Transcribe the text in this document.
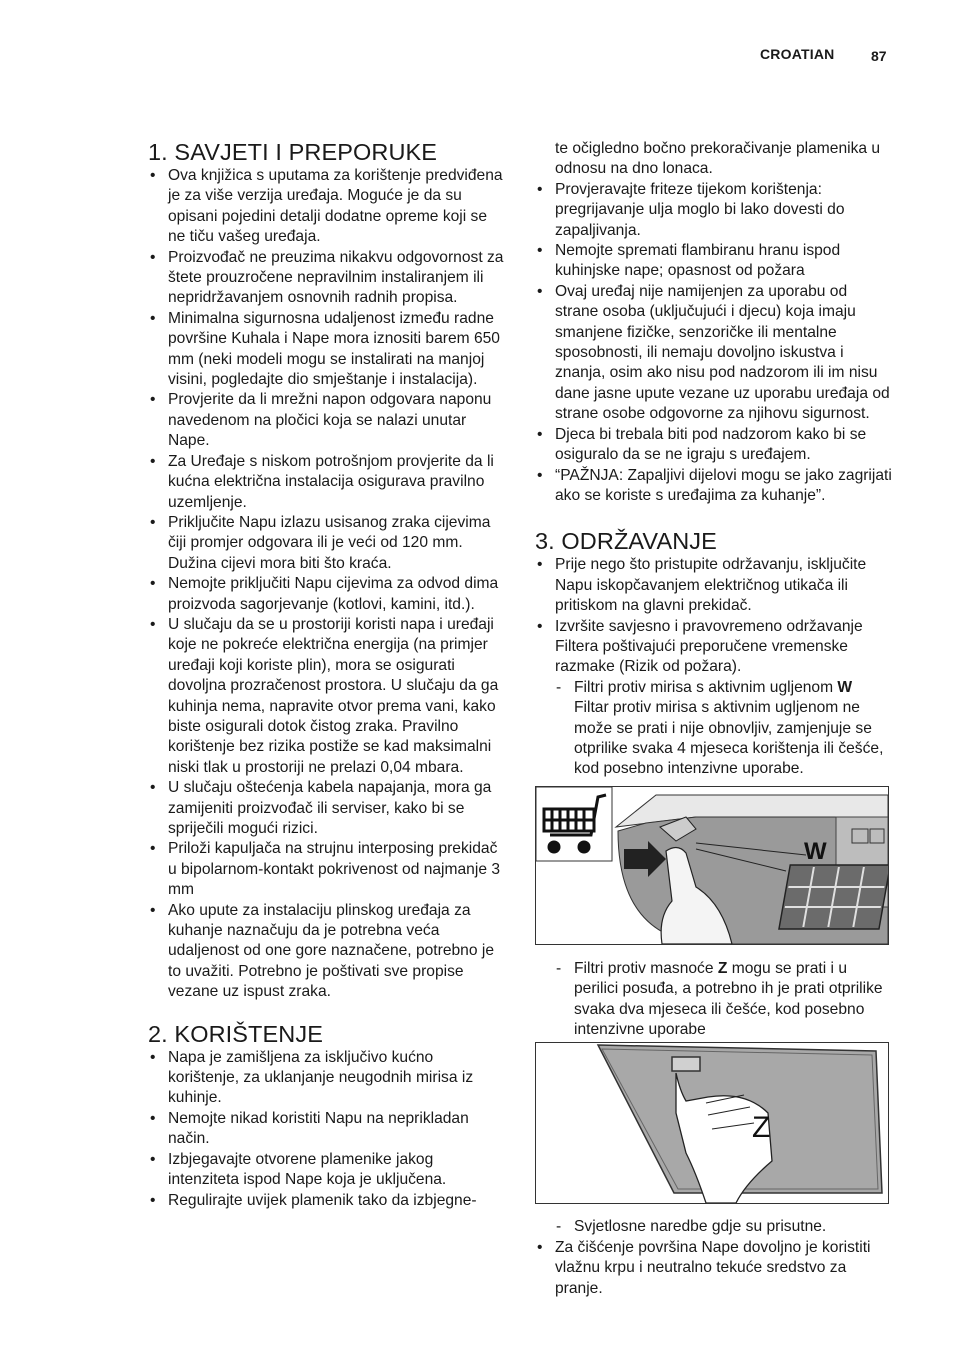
CROATIAN	87
1. SAVJETI I PREPORUKE
• Ova knjižica s uputama za korištenje predviđena je za više verzija uređaja. Moguće je da su opisani pojedini detalji dodatne opreme koji se ne tiču vašeg uređaja.
• Proizvođač ne preuzima nikakvu odgovornost za štete prouzročene nepravilnim instaliranjem ili nepridržavanjem osnovnih radnih propisa.
• Minimalna sigurnosna udaljenost između radne površine Kuhala i Nape mora iznositi barem 650 mm (neki modeli mogu se instalirati na manjoj visini, pogledajte dio smještanje i instalacija).
• Provjerite da li mrežni napon odgovara naponu navedenom na pločici koja se nalazi unutar Nape.
• Za Uređaje s niskom potrošnjom provjerite da li kućna električna instalacija osigurava pravilno uzemljenje.
• Priključite Napu izlazu usisanog zraka cijevima čiji promjer odgovara ili je veći od 120 mm. Dužina cijevi mora biti što kraća.
• Nemojte priključiti Napu cijevima za odvod dima proizvoda sagorjevanje (kotlovi, kamini, itd.).
• U slučaju da se u prostoriji koristi napa i uređaji koje ne pokreće električna energija (na primjer uređaji koji koriste plin), mora se osigurati dovoljna prozračenost prostora. U slučaju da ga kuhinja nema, napravite otvor prema vani, kako biste osigurali dotok čistog zraka. Pravilno korištenje bez rizika postiže se kad maksimalni niski tlak u prostoriji ne prelazi 0,04 mbara.
• U slučaju oštećenja kabela napajanja, mora ga zamijeniti proizvođač ili serviser, kako bi se spriječili mogući rizici.
• Priloži kapuljača na strujnu interposing prekidač u bipolarnom-kontakt pokrivenost od najmanje 3 mm
• Ako upute za instalaciju plinskog uređaja za kuhanje naznačuju da je potrebna veća udaljenost od one gore naznačene, potrebno je to uvažiti. Potrebno je poštivati sve propise vezane uz ispust zraka.
2. KORIŠTENJE
• Napa je zamišljena za isključivo kućno korištenje, za uklanjanje neugodnih mirisa iz kuhinje.
• Nemojte nikad koristiti Napu na neprikladan način.
• Izbjegavajte otvorene plamenike jakog intenziteta ispod Nape koja je uključena.
• Regulirajte uvijek plamenik tako da izbjegne-
te očigledno bočno prekoračivanje plamenika u odnosu na dno lonaca.
• Provjeravajte friteze tijekom korištenja: pregrijavanje ulja moglo bi lako dovesti do zapaljivanja.
• Nemojte spremati flambiranu hranu ispod kuhinjske nape; opasnost od požara
• Ovaj uređaj nije namijenjen za uporabu od strane osoba (uključujući i djecu) koja imaju smanjene fizičke, senzoričke ili mentalne sposobnosti, ili nemaju dovoljno iskustva i znanja, osim ako nisu pod nadzorom ili im nisu dane jasne upute vezane uz uporabu uređaja od strane osobe odgovorne za njihovu sigurnost.
• Djeca bi trebala biti pod nadzorom kako bi se osiguralo da se ne igraju s uređajem.
• “PAŽNJA: Zapaljivi dijelovi mogu se jako zagrijati ako se koriste s uređajima za kuhanje”.
3. ODRŽAVANJE
• Prije nego što pristupite održavanju, isključite Napu iskopčavanjem električnog utikača ili pritiskom na glavni prekidač.
• Izvršite savjesno i pravovremeno održavanje Filtera poštivajući preporučene vremenske razmake (Rizik od požara).
- Filtri protiv mirisa s aktivnim ugljenom W
Filtar protiv mirisa s aktivnim ugljenom ne može se prati i nije obnovljiv, zamjenjuje se otprilike svaka 4 mjeseca korištenja ili češće, kod posebno intenzivne uporabe.
W
- Filtri protiv masnoće Z mogu se prati i u perilici posuđa, a potrebno ih je prati otprilike svaka dva mjeseca ili češće, kod posebno intenzivne uporabe
Z
- Svjetlosne naredbe gdje su prisutne.
• Za čišćenje površina Nape dovoljno je koristiti vlažnu krpu i neutralno tekuće sredstvo za pranje.
